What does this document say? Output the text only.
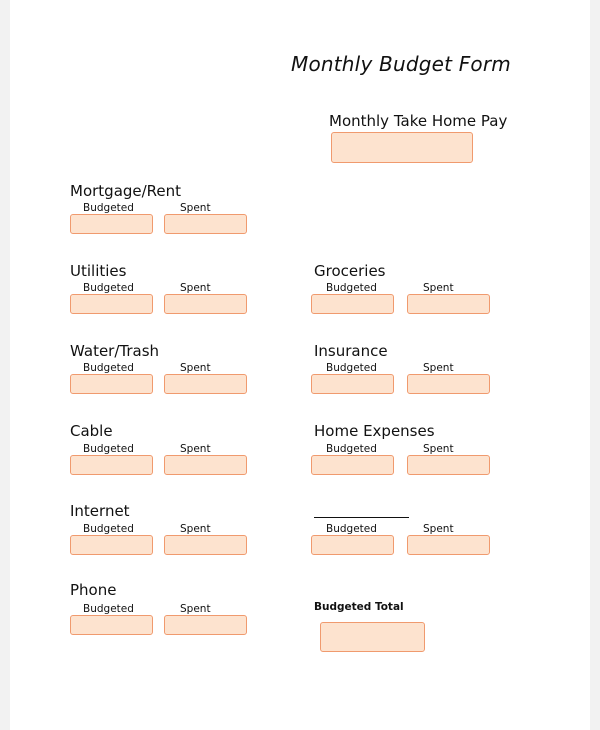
Monthly Budget Form
Monthly Take Home Pay
Mortgage/Rent
Budgeted	Spent
Utilities
Budgeted	Spent
Water/Trash
Budgeted	Spent
Cable
Budgeted	Spent
Internet
Budgeted	Spent
Phone
Budgeted	Spent
Groceries
Budgeted	Spent
Insurance
Budgeted	Spent
Home Expenses
Budgeted	Spent
Budgeted	Spent
Budgeted Total
